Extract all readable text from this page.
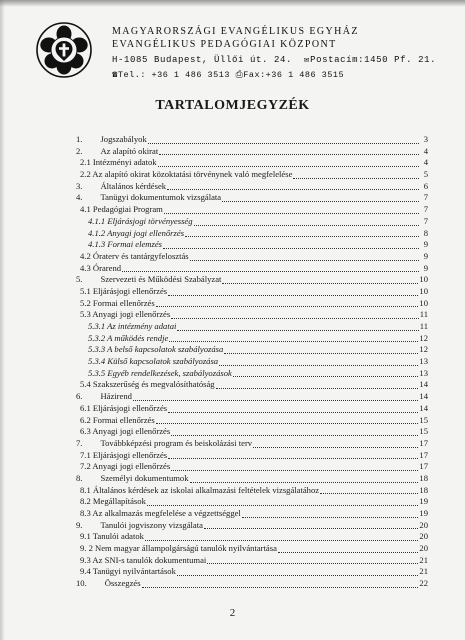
MAGYARORSZÁGI EVANGÉLIKUS EGYHÁZ
EVANGÉLIKUS PEDAGÓGIAI KÖZPONT
H-1085 Budapest, Üllői út. 24.  ✉Postacím:1450 Pf. 21.
☎Tel.: +36 1 486 3513 ⎙Fax:+36 1 486 3515
TARTALOMJEGYZÉK
1. Jogszabályok	3
2. Az alapító okirat	4
2.1 Intézményi adatok	4
2.2 Az alapító okirat közoktatási törvénynek való megfelelése	5
3. Általános kérdések	6
4. Tanügyi dokumentumok vizsgálata	7
4.1 Pedagógiai Program	7
4.1.1 Eljárásjogi törvényesség	7
4.1.2 Anyagi jogi ellenőrzés	8
4.1.3 Formai elemzés	9
4.2 Óraterv és tantárgyfelosztás	9
4.3 Órarend	9
5. Szervezeti és Működési Szabályzat	10
5.1 Eljárásjogi ellenőrzés	10
5.2 Formai ellenőrzés	10
5.3 Anyagi jogi ellenőrzés	11
5.3.1 Az intézmény adatai	11
5.3.2 A működés rendje	12
5.3.3 A belső kapcsolatok szabályozása	12
5.3.4 Külső kapcsolatok szabályozása	13
5.3.5 Egyéb rendelkezések, szabályozások	13
5.4 Szakszerűség és megvalósíthatóság	14
6. Házirend	14
6.1 Eljárásjogi ellenőrzés	14
6.2 Formai ellenőrzés	15
6.3 Anyagi jogi ellenőrzés	15
7. Továbbképzési program és beiskolázási terv	17
7.1 Eljárásjogi ellenőrzés	17
7.2 Anyagi jogi ellenőrzés	17
8. Személyi dokumentumok	18
8.1 Általános kérdések az iskolai alkalmazási feltételek vizsgálatához	18
8.2 Megállapítások	19
8.3 Az alkalmazás megfelelése a végzettséggel	19
9. Tanulói jogviszony vizsgálata	20
9.1 Tanulói adatok	20
9. 2 Nem magyar állampolgárságú tanulók nyilvántartása	20
9.3 Az SNI-s tanulók dokumentumai	21
9.4 Tanügyi nyilvántartások	21
10. Összegzés	22
2
